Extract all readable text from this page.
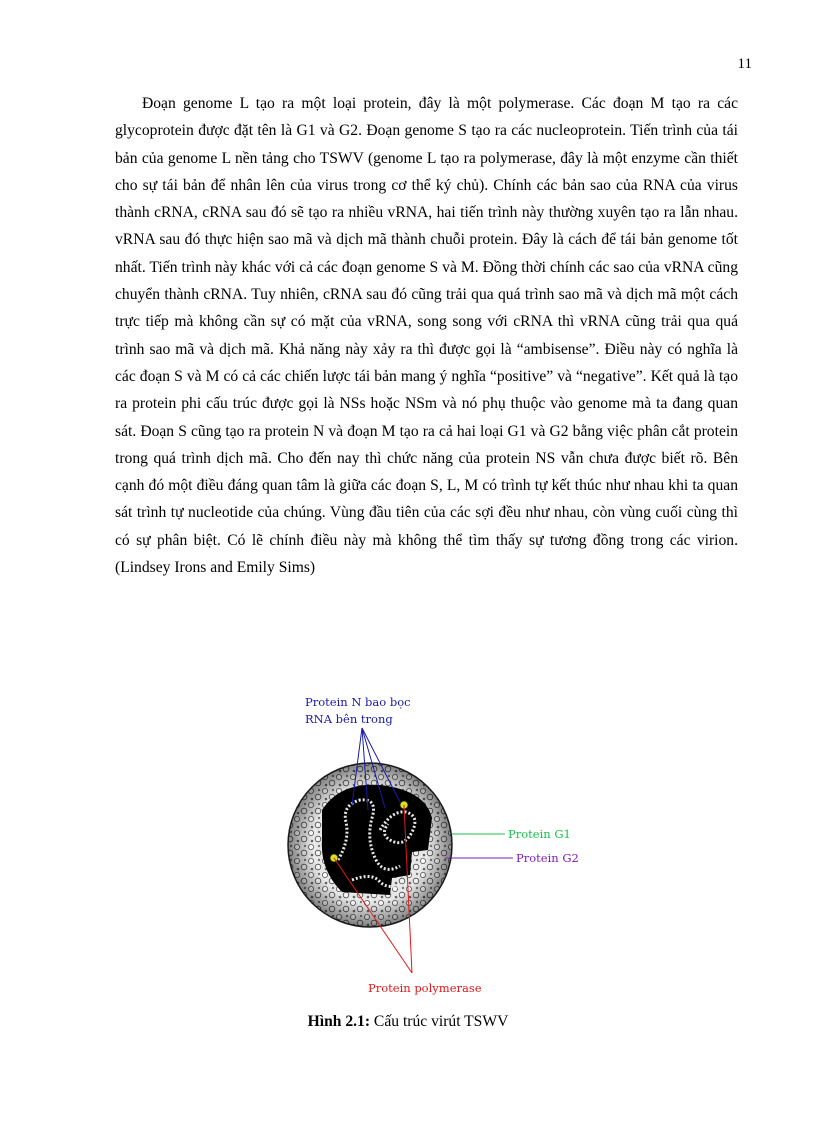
11

Đoạn genome L tạo ra một loại protein, đây là một polymerase. Các đoạn M tạo ra các glycoprotein được đặt tên là G1 và G2. Đoạn genome S tạo ra các nucleoprotein. Tiến trình của tái bản của genome L nền tảng cho TSWV (genome L tạo ra polymerase, đây là một enzyme cần thiết cho sự tái bản để nhân lên của virus trong cơ thể ký chủ). Chính các bản sao của RNA của virus thành cRNA, cRNA sau đó sẽ tạo ra nhiều vRNA, hai tiến trình này thường xuyên tạo ra lẫn nhau. vRNA sau đó thực hiện sao mã và dịch mã thành chuỗi protein. Đây là cách để tái bản genome tốt nhất. Tiến trình này khác với cả các đoạn genome S và M. Đồng thời chính các sao của vRNA cũng chuyển thành cRNA. Tuy nhiên, cRNA sau đó cũng trải qua quá trình sao mã và dịch mã một cách trực tiếp mà không cần sự có mặt của vRNA, song song với cRNA thì vRNA cũng trải qua quá trình sao mã và dịch mã. Khả năng này xảy ra thì được gọi là “ambisense”. Điều này có nghĩa là các đoạn S và M có cả các chiến lược tái bản mang ý nghĩa “positive” và “negative”. Kết quả là tạo ra protein phi cấu trúc được gọi là NSs hoặc NSm và nó phụ thuộc vào genome mà ta đang quan sát. Đoạn S cũng tạo ra protein N và đoạn M tạo ra cả hai loại G1 và G2 bằng việc phân cắt protein trong quá trình dịch mã. Cho đến nay thì chức năng của protein NS vẫn chưa được biết rõ. Bên cạnh đó một điều đáng quan tâm là giữa các đoạn S, L, M có trình tự kết thúc như nhau khi ta quan sát trình tự nucleotide của chúng. Vùng đầu tiên của các sợi đều như nhau, còn vùng cuối cùng thì có sự phân biệt. Có lẽ chính điều này mà không thể tìm thấy sự tương đồng trong các virion. (Lindsey Irons and Emily Sims)

Protein N bao bọc
RNA bên trong
Protein G1
Protein G2
Protein polymerase

Hình 2.1: Cấu trúc virút TSWV
